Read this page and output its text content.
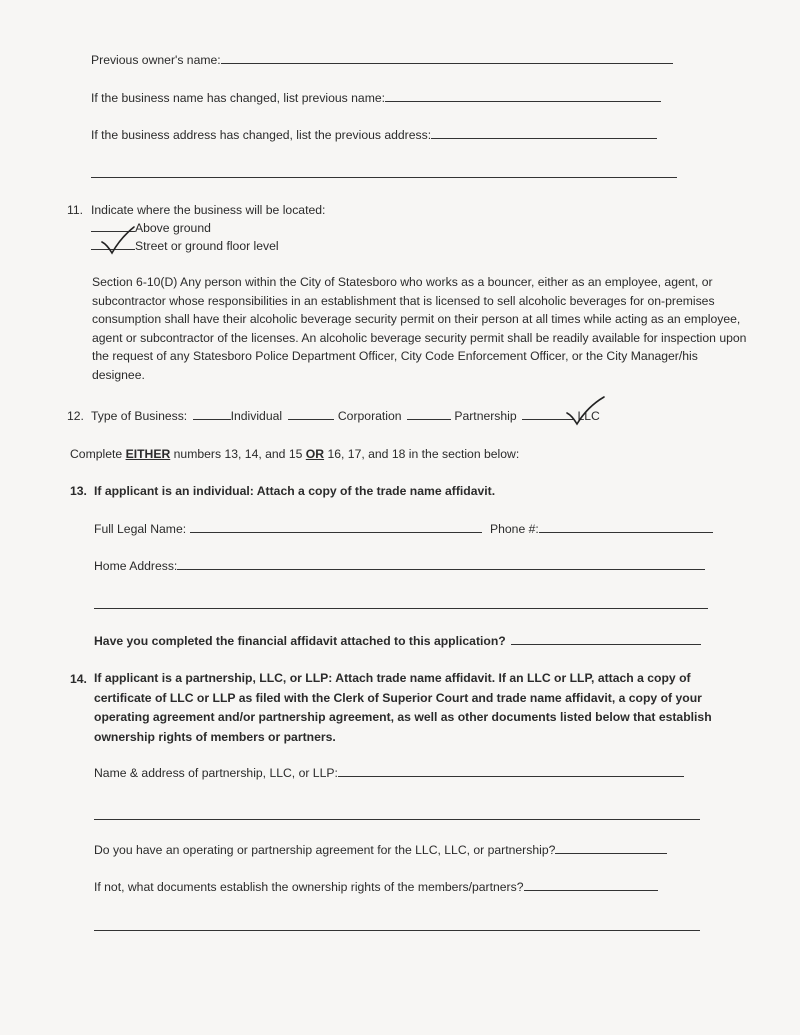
Previous owner's name:
If the business name has changed, list previous name:
If the business address has changed, list the previous address:
11. Indicate where the business will be located:
Above ground
Street or ground floor level
Section 6-10(D) Any person within the City of Statesboro who works as a bouncer, either as an employee, agent, or subcontractor whose responsibilities in an establishment that is licensed to sell alcoholic beverages for on-premises consumption shall have their alcoholic beverage security permit on their person at all times while acting as an employee, agent or subcontractor of the licenses. An alcoholic beverage security permit shall be readily available for inspection upon the request of any Statesboro Police Department Officer, City Code Enforcement Officer, or the City Manager/his designee.
12. Type of Business:	Individual	Corporation	Partnership	LLC
Complete EITHER numbers 13, 14, and 15 OR 16, 17, and 18 in the section below:
13. If applicant is an individual: Attach a copy of the trade name affidavit.
Full Legal Name:	Phone #:
Home Address:
Have you completed the financial affidavit attached to this application?
14. If applicant is a partnership, LLC, or LLP: Attach trade name affidavit. If an LLC or LLP, attach a copy of certificate of LLC or LLP as filed with the Clerk of Superior Court and trade name affidavit, a copy of your operating agreement and/or partnership agreement, as well as other documents listed below that establish ownership rights of members or partners.
Name & address of partnership, LLC, or LLP:
Do you have an operating or partnership agreement for the LLC, LLC, or partnership?
If not, what documents establish the ownership rights of the members/partners?
